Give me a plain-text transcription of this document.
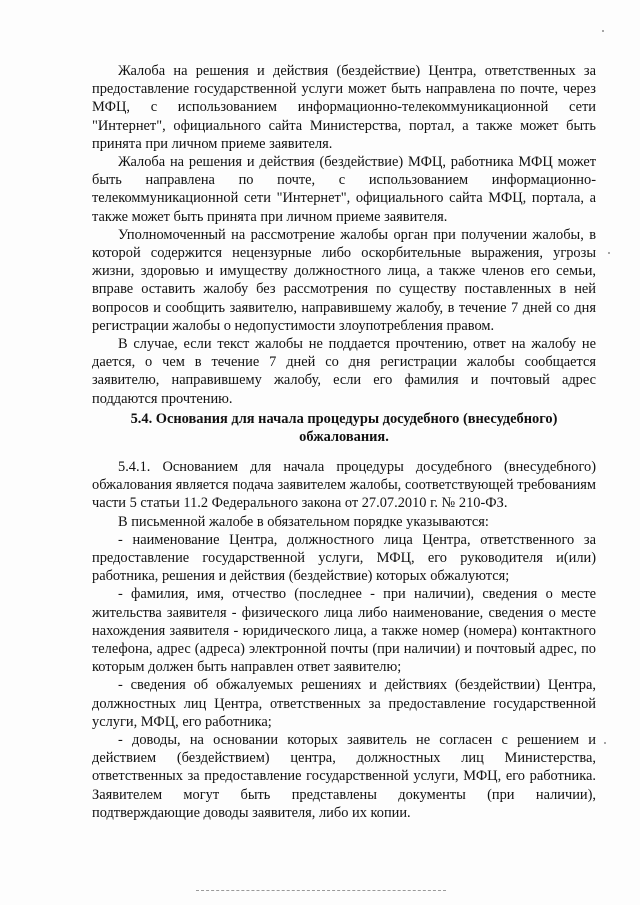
Жалоба на решения и действия (бездействие) Центра, ответственных за предоставление государственной услуги может быть направлена по почте, через МФЦ, с использованием информационно-телекоммуникационной сети "Интернет", официального сайта Министерства, портал, а также может быть принята при личном приеме заявителя.

Жалоба на решения и действия (бездействие) МФЦ, работника МФЦ может быть направлена по почте, с использованием информационно-телекоммуникационной сети "Интернет", официального сайта МФЦ, портала, а также может быть принята при личном приеме заявителя.

Уполномоченный на рассмотрение жалобы орган при получении жалобы, в которой содержится нецензурные либо оскорбительные выражения, угрозы жизни, здоровью и имуществу должностного лица, а также членов его семьи, вправе оставить жалобу без рассмотрения по существу поставленных в ней вопросов и сообщить заявителю, направившему жалобу, в течение 7 дней со дня регистрации жалобы о недопустимости злоупотребления правом.

В случае, если текст жалобы не поддается прочтению, ответ на жалобу не дается, о чем в течение 7 дней со дня регистрации жалобы сообщается заявителю, направившему жалобу, если его фамилия и почтовый адрес поддаются прочтению.

5.4. Основания для начала процедуры досудебного (внесудебного) обжалования.

5.4.1. Основанием для начала процедуры досудебного (внесудебного) обжалования является подача заявителем жалобы, соответствующей требованиям части 5 статьи 11.2 Федерального закона от 27.07.2010 г. № 210-ФЗ.

В письменной жалобе в обязательном порядке указываются:

- наименование Центра, должностного лица Центра, ответственного за предоставление государственной услуги, МФЦ, его руководителя и(или) работника, решения и действия (бездействие) которых обжалуются;

- фамилия, имя, отчество (последнее - при наличии), сведения о месте жительства заявителя - физического лица либо наименование, сведения о месте нахождения заявителя - юридического лица, а также номер (номера) контактного телефона, адрес (адреса) электронной почты (при наличии) и почтовый адрес, по которым должен быть направлен ответ заявителю;

- сведения об обжалуемых решениях и действиях (бездействии) Центра, должностных лиц Центра, ответственных за предоставление государственной услуги, МФЦ, его работника;

- доводы, на основании которых заявитель не согласен с решением и действием (бездействием) центра, должностных лиц Министерства, ответственных за предоставление государственной услуги, МФЦ, его работника. Заявителем могут быть представлены документы (при наличии), подтверждающие доводы заявителя, либо их копии.
